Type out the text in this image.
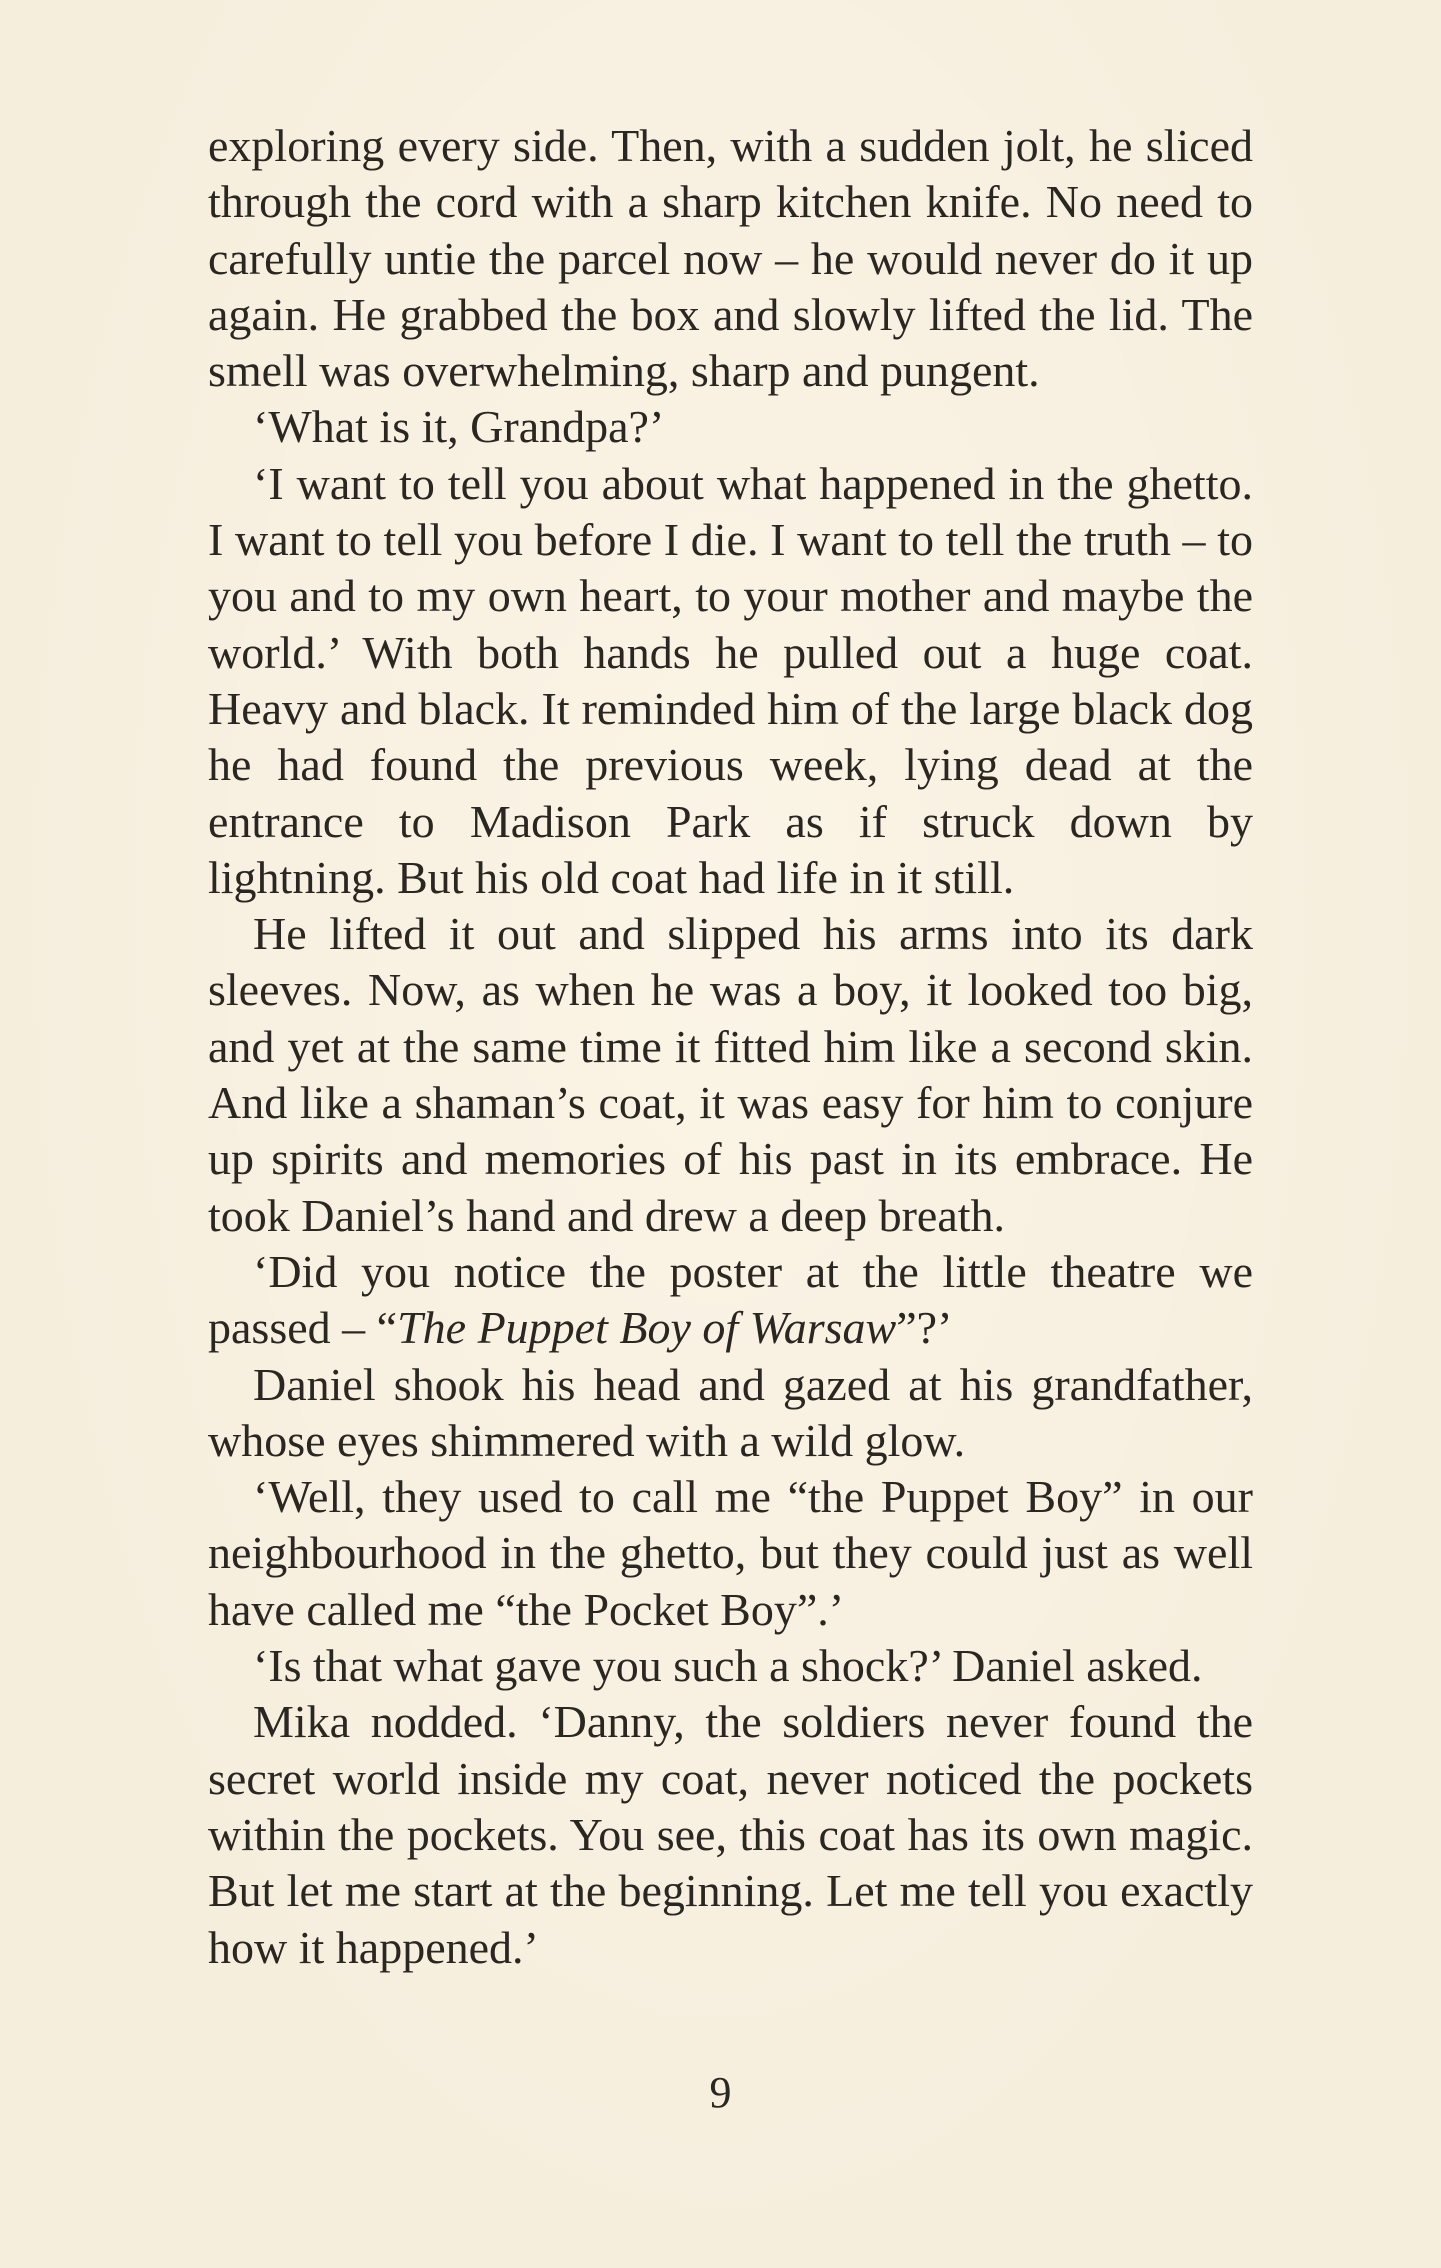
exploring every side. Then, with a sudden jolt, he sliced through the cord with a sharp kitchen knife. No need to carefully untie the parcel now – he would never do it up again. He grabbed the box and slowly lifted the lid. The smell was overwhelming, sharp and pungent.

‘What is it, Grandpa?’

‘I want to tell you about what happened in the ghetto. I want to tell you before I die. I want to tell the truth – to you and to my own heart, to your mother and maybe the world.’ With both hands he pulled out a huge coat. Heavy and black. It reminded him of the large black dog he had found the previous week, lying dead at the entrance to Madison Park as if struck down by lightning. But his old coat had life in it still.

He lifted it out and slipped his arms into its dark sleeves. Now, as when he was a boy, it looked too big, and yet at the same time it fitted him like a second skin. And like a shaman’s coat, it was easy for him to conjure up spirits and memories of his past in its embrace. He took Daniel’s hand and drew a deep breath.

‘Did you notice the poster at the little theatre we passed – “The Puppet Boy of Warsaw”?’

Daniel shook his head and gazed at his grandfather, whose eyes shimmered with a wild glow.

‘Well, they used to call me “the Puppet Boy” in our neighbourhood in the ghetto, but they could just as well have called me “the Pocket Boy”.’

‘Is that what gave you such a shock?’ Daniel asked.

Mika nodded. ‘Danny, the soldiers never found the secret world inside my coat, never noticed the pockets within the pockets. You see, this coat has its own magic. But let me start at the beginning. Let me tell you exactly how it happened.’

9
